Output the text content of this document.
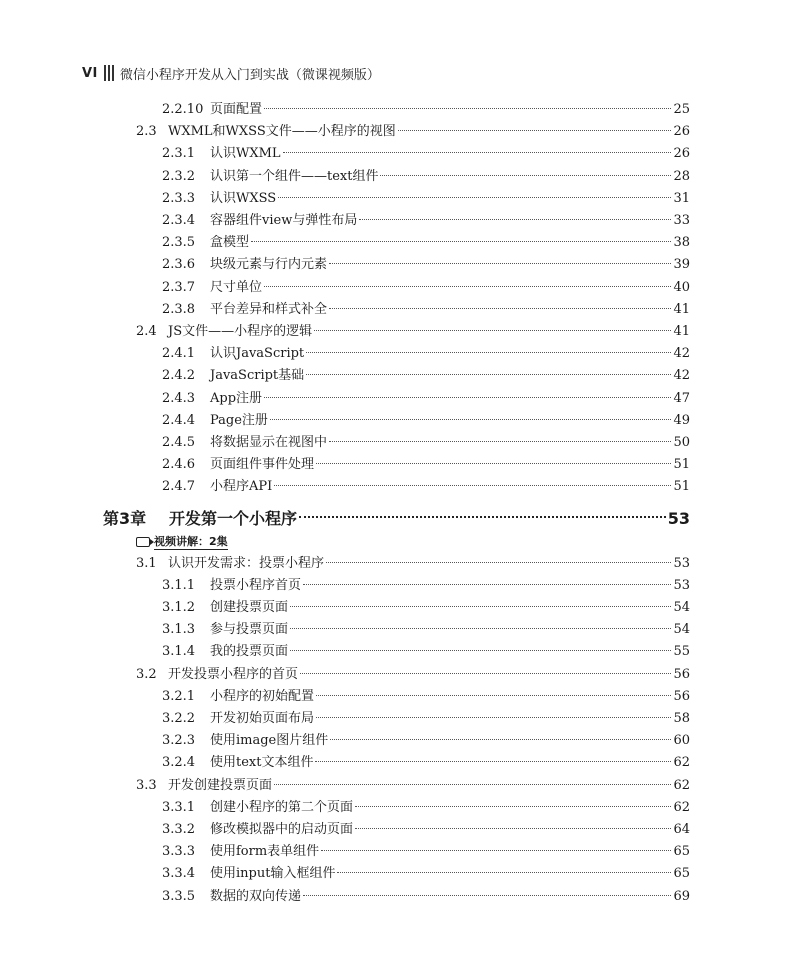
VI 微信小程序开发从入门到实战（微课视频版）
2.2.10 页面配置	25
2.3 WXML和WXSS文件——小程序的视图	26
2.3.1	认识WXML	26
2.3.2	认识第一个组件——text组件	28
2.3.3	认识WXSS	31
2.3.4	容器组件view与弹性布局	33
2.3.5	盒模型	38
2.3.6	块级元素与行内元素	39
2.3.7	尺寸单位	40
2.3.8	平台差异和样式补全	41
2.4 JS文件——小程序的逻辑	41
2.4.1	认识JavaScript	42
2.4.2	JavaScript基础	42
2.4.3	App注册	47
2.4.4	Page注册	49
2.4.5	将数据显示在视图中	50
2.4.6	页面组件事件处理	51
2.4.7	小程序API	51
第3章	开发第一个小程序	53
视频讲解：2集
3.1 认识开发需求：投票小程序	53
3.1.1	投票小程序首页	53
3.1.2	创建投票页面	54
3.1.3	参与投票页面	54
3.1.4	我的投票页面	55
3.2 开发投票小程序的首页	56
3.2.1	小程序的初始配置	56
3.2.2	开发初始页面布局	58
3.2.3	使用image图片组件	60
3.2.4	使用text文本组件	62
3.3 开发创建投票页面	62
3.3.1	创建小程序的第二个页面	62
3.3.2	修改模拟器中的启动页面	64
3.3.3	使用form表单组件	65
3.3.4	使用input输入框组件	65
3.3.5	数据的双向传递	69
